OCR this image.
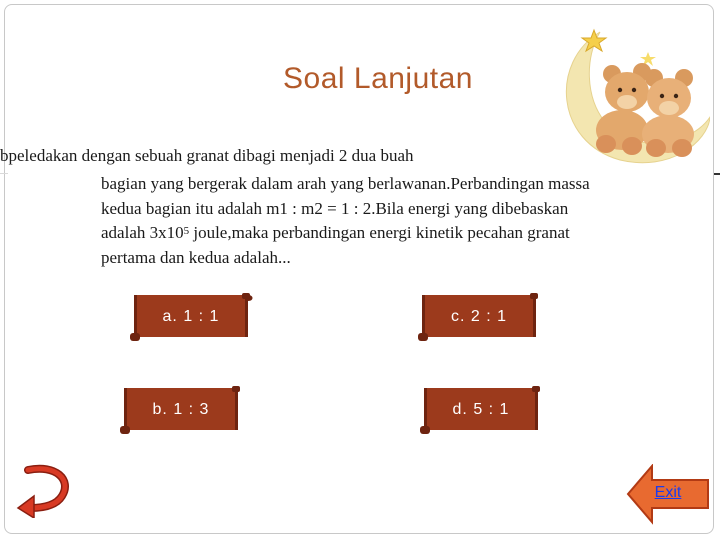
Soal Lanjutan
bpeledakan dengan sebuah granat dibagi menjadi 2 dua buah

bagian yang bergerak dalam arah yang berlawanan.Perbandingan massa

kedua bagian itu adalah m1 : m2 = 1 : 2.Bila energi yang dibebaskan

adalah $3x10^5$ joule,maka perbandingan energi kinetik pecahan granat

pertama dan kedua adalah...

a. 1 : 1	c. 2 : 1
b. 1 : 3	d. 5 : 1
Exit
